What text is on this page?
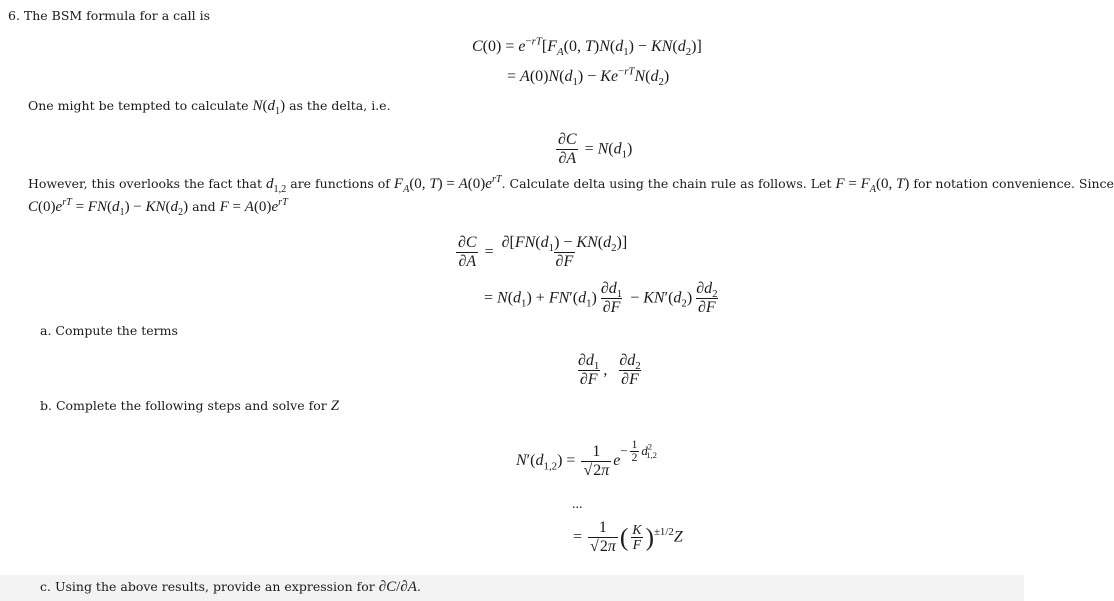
6. The BSM formula for a call is
$C(0) = e^{-rT}[F_A(0$, $T)N(d_1) - KN(d_2)$]
= $A(0)N(d_1) - Ke^{-rT}N(d_2)$
One might be tempted to calculate $N(d_1)$ as the delta, i.e.
$\frac{\partial C}{\partial A} = N(d_1)$
However, this overlooks the fact that $d_{1,2}$ are functions of $F_A(0$, $T) = A(0)e^{rT}$. Calculate delta using the chain rule as follows. Let $F = F_A(0$, T) for notation convenience. Since
$C(0)e^{rT} = FN(d_1) - KN(d_2)$ and $F = A(0)e^{rT}$
$\frac{\partial C}{\partial A} = \frac{\partial[FN(d_1) - KN(d_2)]}{\partial F}$
= $N(d_1) + FN'(d_1) \frac{\partial d_1}{\partial F} - KN'(d_2) \frac{\partial d_2}{\partial F}$
a. Compute the terms
$\frac{\partial d_1}{\partial F}$ , $\frac{\partial d_2}{\partial F}$
b. Complete the following steps and solve for Z
$N'(d_{1,2}) = \frac{1}{√2\pi} e^{- \frac{1}{2} d^2_{1,2}}$
...
= $\frac{1}{√2\pi}$ ( $\frac{K}{F} )^{\pm 1/2}Z$
c. Using the above results, provide an expression for ∂C/∂A.
